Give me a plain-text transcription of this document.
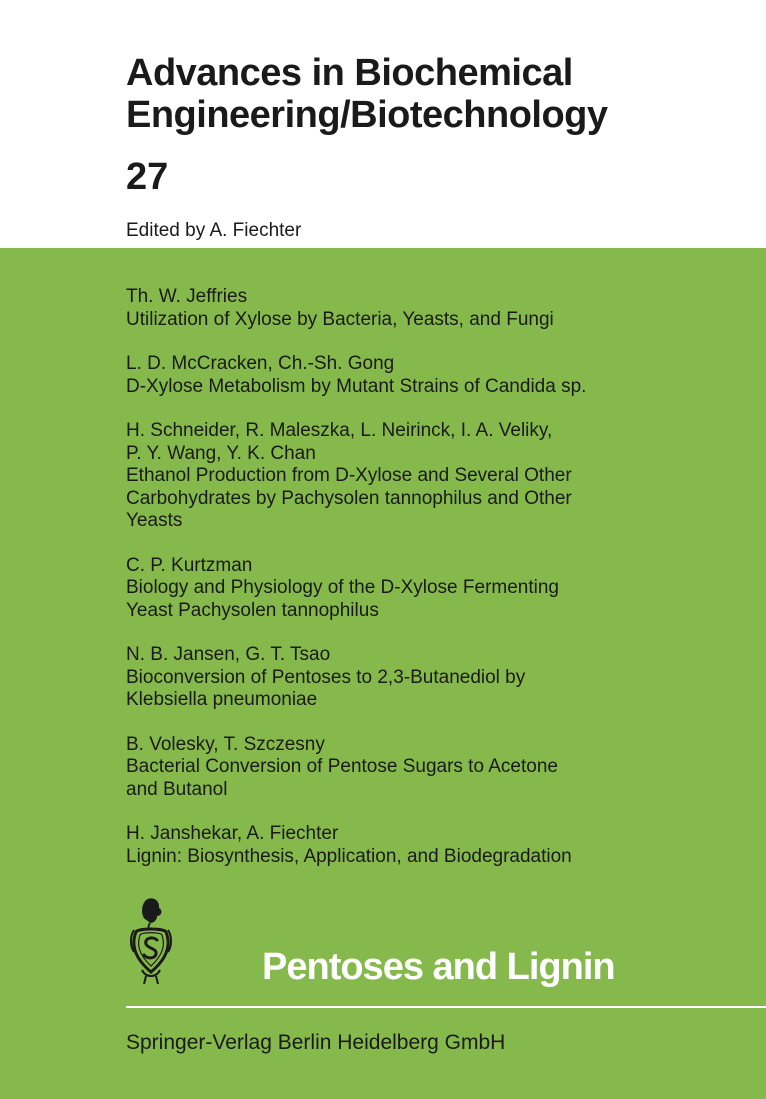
Advances in Biochemical
Engineering/Biotechnology
27
Edited by A. Fiechter
Th. W. Jeffries
Utilization of Xylose by Bacteria, Yeasts, and Fungi
L. D. McCracken, Ch.-Sh. Gong
D-Xylose Metabolism by Mutant Strains of Candida sp.
H. Schneider, R. Maleszka, L. Neirinck, I. A. Veliky,
P. Y. Wang, Y. K. Chan
Ethanol Production from D-Xylose and Several Other
Carbohydrates by Pachysolen tannophilus and Other
Yeasts
C. P. Kurtzman
Biology and Physiology of the D-Xylose Fermenting
Yeast Pachysolen tannophilus
N. B. Jansen, G. T. Tsao
Bioconversion of Pentoses to 2,3-Butanediol by
Klebsiella pneumoniae
B. Volesky, T. Szczesny
Bacterial Conversion of Pentose Sugars to Acetone
and Butanol
H. Janshekar, A. Fiechter
Lignin: Biosynthesis, Application, and Biodegradation
Pentoses and Lignin
Springer-Verlag Berlin Heidelberg GmbH
